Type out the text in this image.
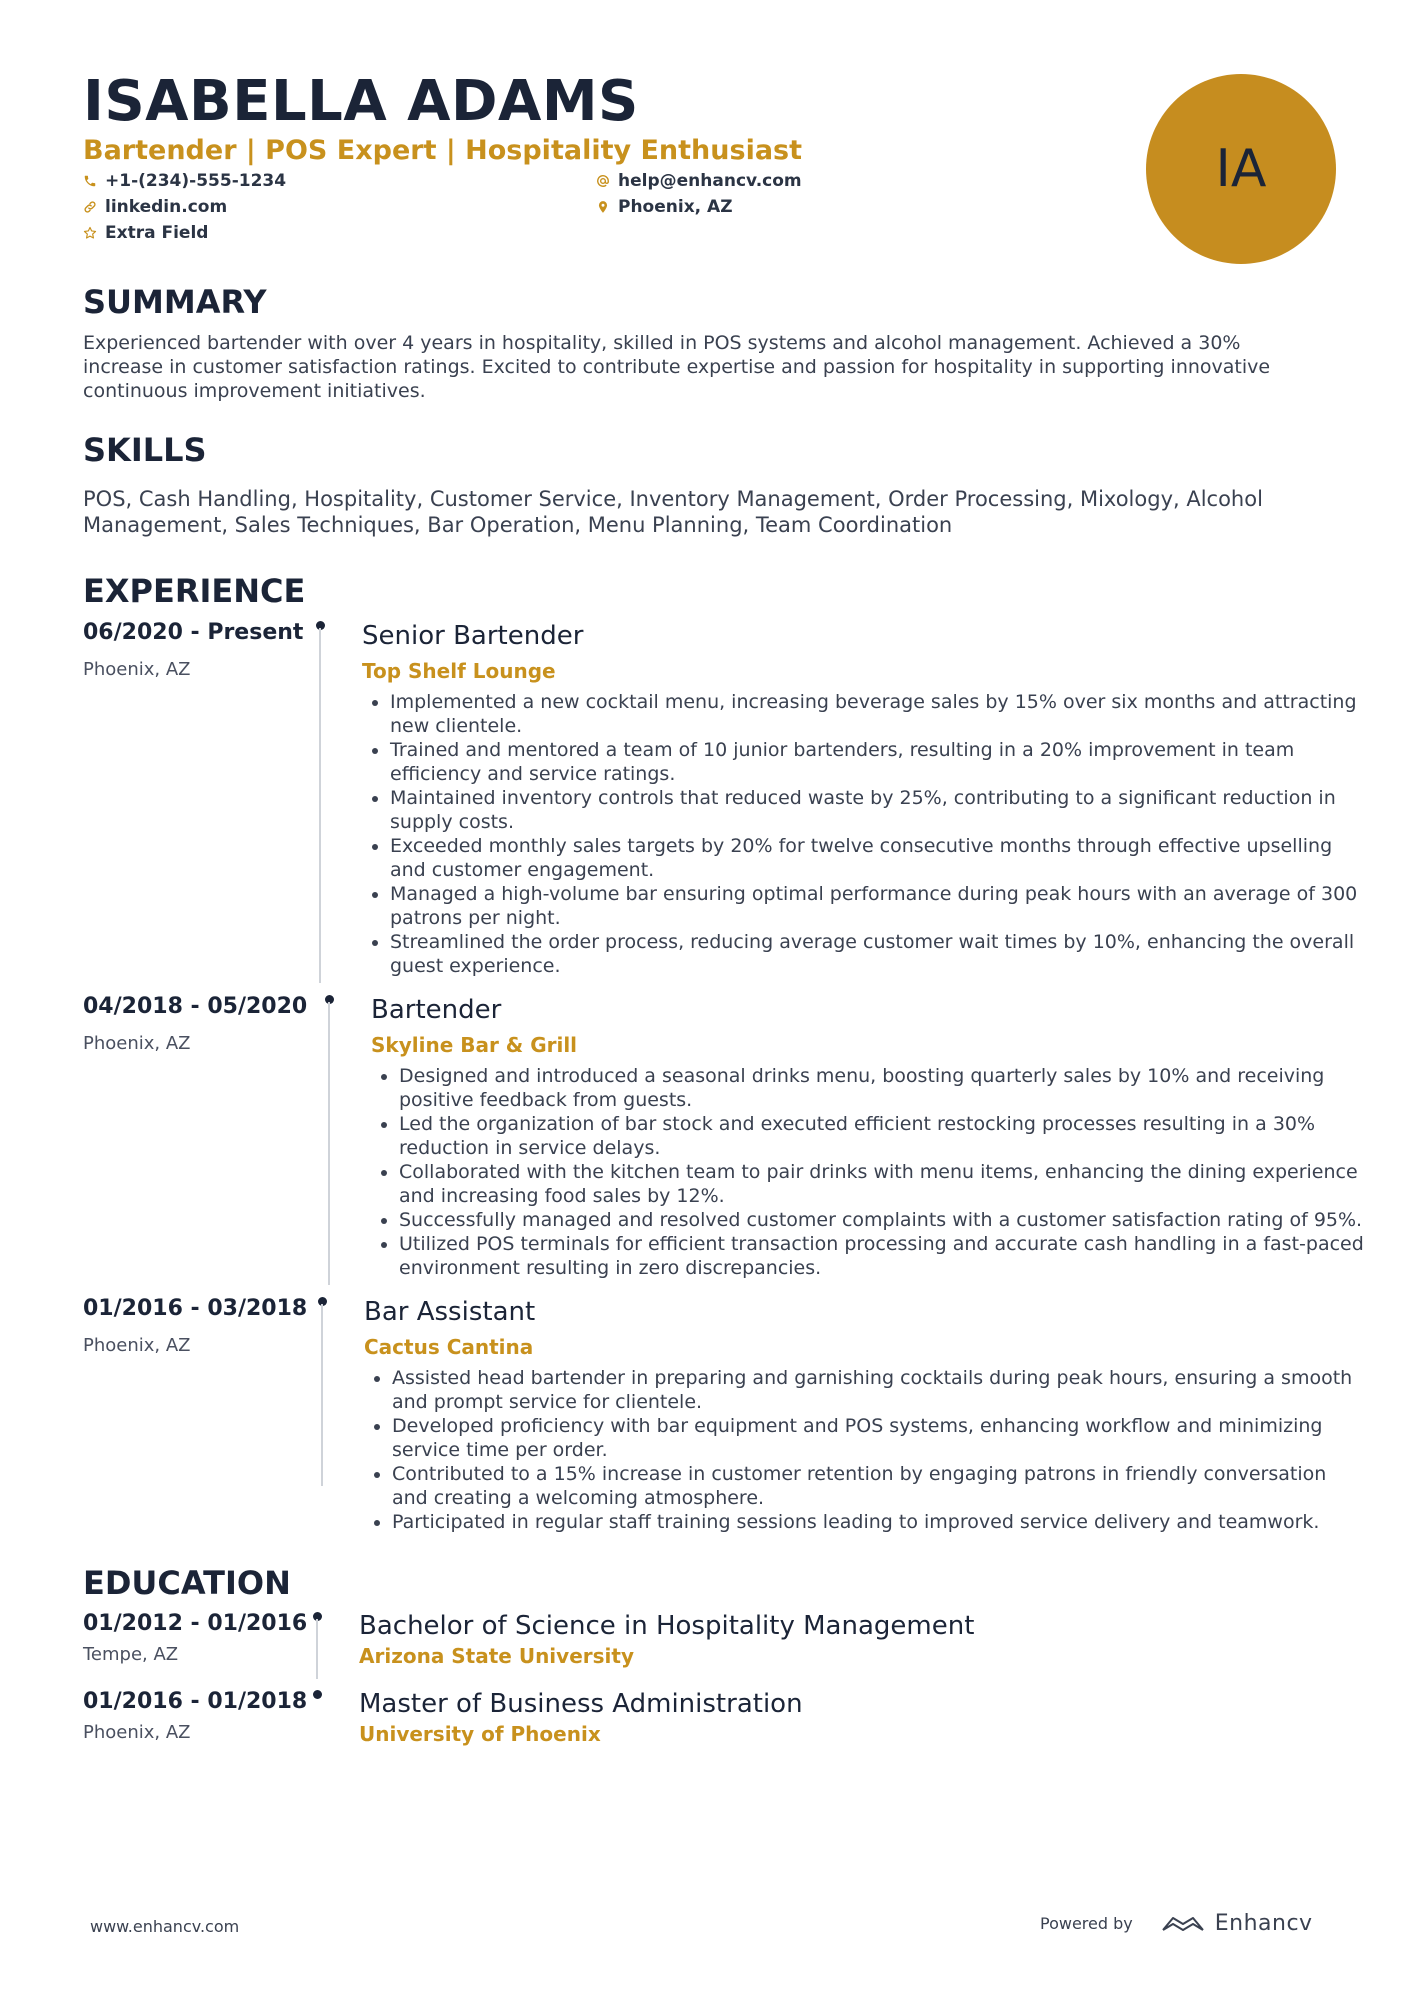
ISABELLA ADAMS
Bartender | POS Expert | Hospitality Enthusiast
+1-(234)-555-1234	help@enhancv.com
linkedin.com	Phoenix, AZ
Extra Field
IA
SUMMARY

Experienced bartender with over 4 years in hospitality, skilled in POS systems and alcohol management. Achieved a 30% increase in customer satisfaction ratings. Excited to contribute expertise and passion for hospitality in supporting innovative continuous improvement initiatives.

SKILLS

POS, Cash Handling, Hospitality, Customer Service, Inventory Management, Order Processing, Mixology, Alcohol Management, Sales Techniques, Bar Operation, Menu Planning, Team Coordination

EXPERIENCE
06/2020 - Present
Phoenix, AZ
Senior Bartender
Top Shelf Lounge
• Implemented a new cocktail menu, increasing beverage sales by 15% over six months and attracting new clientele.
• Trained and mentored a team of 10 junior bartenders, resulting in a 20% improvement in team efficiency and service ratings.
• Maintained inventory controls that reduced waste by 25%, contributing to a significant reduction in supply costs.
• Exceeded monthly sales targets by 20% for twelve consecutive months through effective upselling and customer engagement.
• Managed a high-volume bar ensuring optimal performance during peak hours with an average of 300 patrons per night.
• Streamlined the order process, reducing average customer wait times by 10%, enhancing the overall guest experience.
04/2018 - 05/2020
Phoenix, AZ
Bartender
Skyline Bar & Grill
• Designed and introduced a seasonal drinks menu, boosting quarterly sales by 10% and receiving positive feedback from guests.
• Led the organization of bar stock and executed efficient restocking processes resulting in a 30% reduction in service delays.
• Collaborated with the kitchen team to pair drinks with menu items, enhancing the dining experience and increasing food sales by 12%.
• Successfully managed and resolved customer complaints with a customer satisfaction rating of 95%.
• Utilized POS terminals for efficient transaction processing and accurate cash handling in a fast-paced environment resulting in zero discrepancies.
01/2016 - 03/2018
Phoenix, AZ
Bar Assistant
Cactus Cantina
• Assisted head bartender in preparing and garnishing cocktails during peak hours, ensuring a smooth and prompt service for clientele.
• Developed proficiency with bar equipment and POS systems, enhancing workflow and minimizing service time per order.
• Contributed to a 15% increase in customer retention by engaging patrons in friendly conversation and creating a welcoming atmosphere.
• Participated in regular staff training sessions leading to improved service delivery and teamwork.
EDUCATION
01/2012 - 01/2016
Tempe, AZ
Bachelor of Science in Hospitality Management
Arizona State University
01/2016 - 01/2018
Phoenix, AZ
Master of Business Administration
University of Phoenix
www.enhancv.com	Powered by	Enhancv
